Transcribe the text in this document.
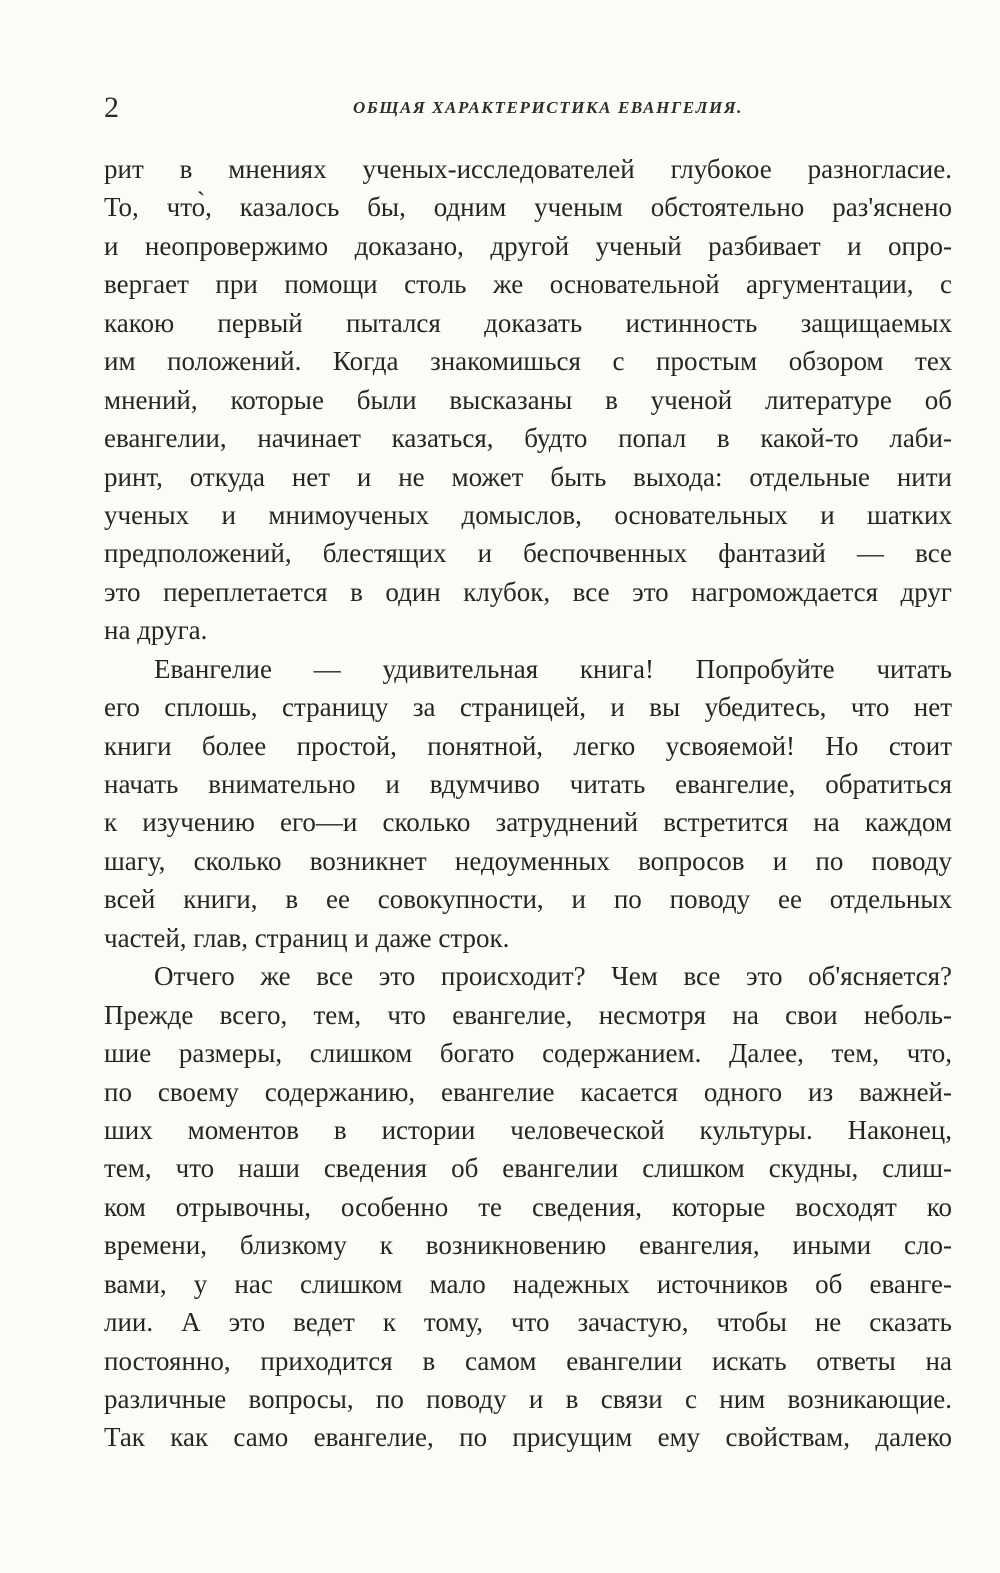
2	ОБЩАЯ ХАРАКТЕРИСТИКА ЕВАНГЕЛИЯ.
рит в мнениях ученых-исследователей глубокое разногласие.
То, что̀, казалось бы, одним ученым обстоятельно раз'яснено
и неопровержимо доказано, другой ученый разбивает и опро-
вергает при помощи столь же основательной аргументации, с
какою первый пытался доказать истинность защищаемых
им положений. Когда знакомишься с простым обзором тех
мнений, которые были высказаны в ученой литературе об
евангелии, начинает казаться, будто попал в какой-то лаби-
ринт, откуда нет и не может быть выхода: отдельные нити
ученых и мнимоученых домыслов, основательных и шатких
предположений, блестящих и беспочвенных фантазий — все
это переплетается в один клубок, все это нагромождается друг
на друга.
Евангелие — удивительная книга! Попробуйте читать
его сплошь, страницу за страницей, и вы убедитесь, что нет
книги более простой, понятной, легко усвояемой! Но стоит
начать внимательно и вдумчиво читать евангелие, обратиться
к изучению его—и сколько затруднений встретится на каждом
шагу, сколько возникнет недоуменных вопросов и по поводу
всей книги, в ее совокупности, и по поводу ее отдельных
частей, глав, страниц и даже строк.
Отчего же все это происходит? Чем все это об'ясняется?
Прежде всего, тем, что евангелие, несмотря на свои неболь-
шие размеры, слишком богато содержанием. Далее, тем, что,
по своему содержанию, евангелие касается одного из важней-
ших моментов в истории человеческой культуры. Наконец,
тем, что наши сведения об евангелии слишком скудны, слиш-
ком отрывочны, особенно те сведения, которые восходят ко
времени, близкому к возникновению евангелия, иными сло-
вами, у нас слишком мало надежных источников об еванге-
лии. А это ведет к тому, что зачастую, чтобы не сказать
постоянно, приходится в самом евангелии искать ответы на
различные вопросы, по поводу и в связи с ним возникающие.
Так как само евангелие, по присущим ему свойствам, далеко
